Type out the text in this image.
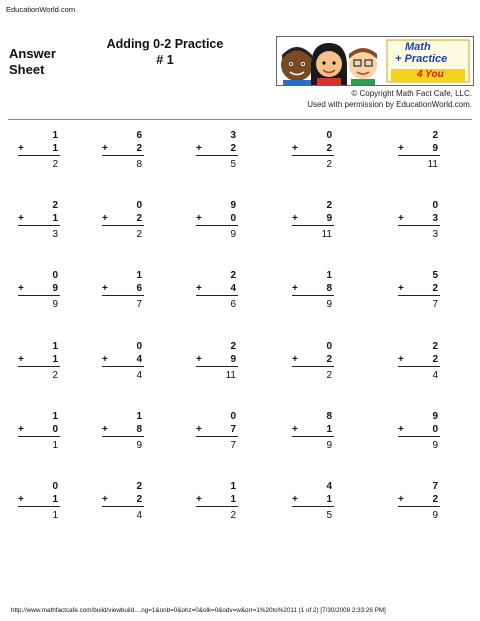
EducationWorld.com
Answer
Sheet
Adding 0-2 Practice
# 1
Math
+ Practice
4 You
© Copyright Math Fact Cafe, LLC.
Used with permission by EducationWorld.com.
1
+	1
2
6
+	2
8
3
+	2
5
0
+	2
2
2
+	9
11
2
+	1
3
0
+	2
2
9
+	0
9
2
+	9
11
0
+	3
3
0
+	9
9
1
+	6
7
2
+	4
6
1
+	8
9
5
+	2
7
1
+	1
2
0
+	4
4
2
+	9
11
0
+	2
2
2
+	2
4
1
+	0
1
1
+	8
9
0
+	7
7
8
+	1
9
9
+	0
9
0
+	1
1
2
+	2
4
1
+	1
2
4
+	1
5
7
+	2
9
http://www.mathfactcafe.com/build/viewbuild....ng=1&onb=0&ohz=0&olk=0&odv=w&orr=1%20to%2011 (1 of 2) [7/30/2009 2:33:26 PM]
